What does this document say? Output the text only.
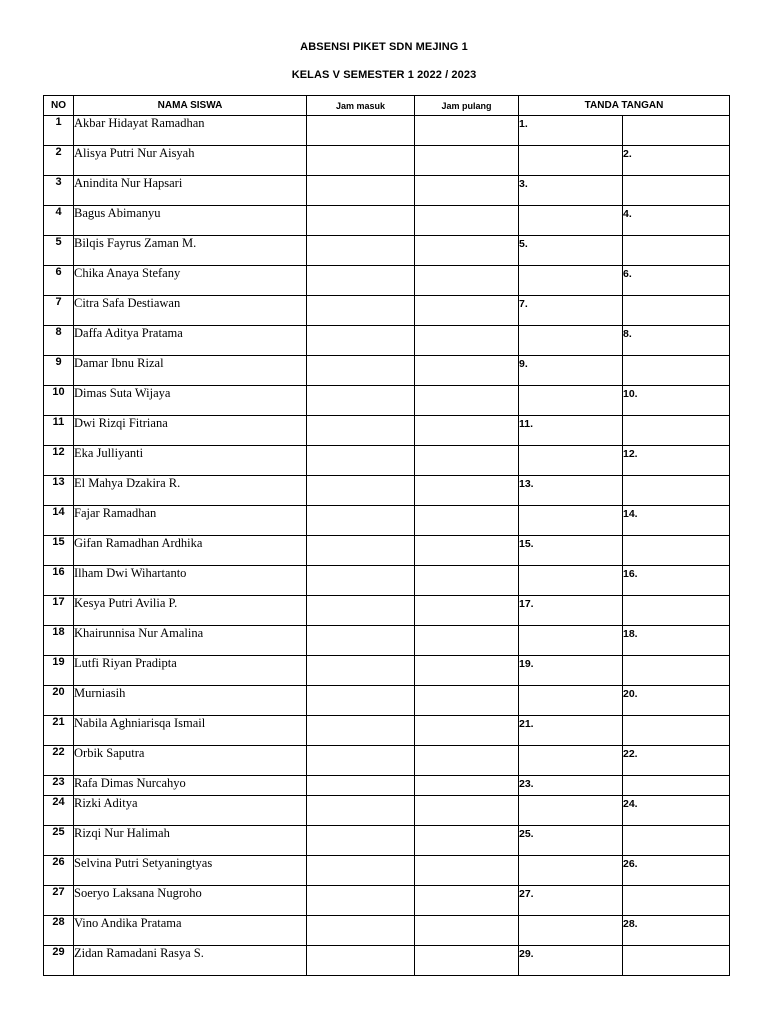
ABSENSI PIKET SDN MEJING 1
KELAS V SEMESTER 1 2022 / 2023
NO	NAMA SISWA	Jam masuk	Jam pulang	TANDA TANGAN	
1	Akbar Hidayat Ramadhan			1.	
2	Alisya Putri Nur Aisyah				2.
3	Anindita Nur Hapsari			3.	
4	Bagus Abimanyu				4.
5	Bilqis Fayrus Zaman M.			5.	
6	Chika Anaya Stefany				6.
7	Citra Safa Destiawan			7.	
8	Daffa Aditya Pratama				8.
9	Damar Ibnu Rizal			9.	
10	Dimas Suta Wijaya				10.
11	Dwi Rizqi Fitriana			11.	
12	Eka Julliyanti				12.
13	El Mahya Dzakira R.			13.	
14	Fajar Ramadhan				14.
15	Gifan Ramadhan Ardhika			15.	
16	Ilham Dwi Wihartanto				16.
17	Kesya Putri Avilia P.			17.	
18	Khairunnisa Nur Amalina				18.
19	Lutfi Riyan Pradipta			19.	
20	Murniasih				20.
21	Nabila Aghniarisqa Ismail			21.	
22	Orbik Saputra				22.
23	Rafa Dimas Nurcahyo			23.	
24	Rizki Aditya				24.
25	Rizqi Nur Halimah			25.	
26	Selvina Putri Setyaningtyas				26.
27	Soeryo Laksana Nugroho			27.	
28	Vino Andika Pratama				28.
29	Zidan Ramadani Rasya S.			29.	
